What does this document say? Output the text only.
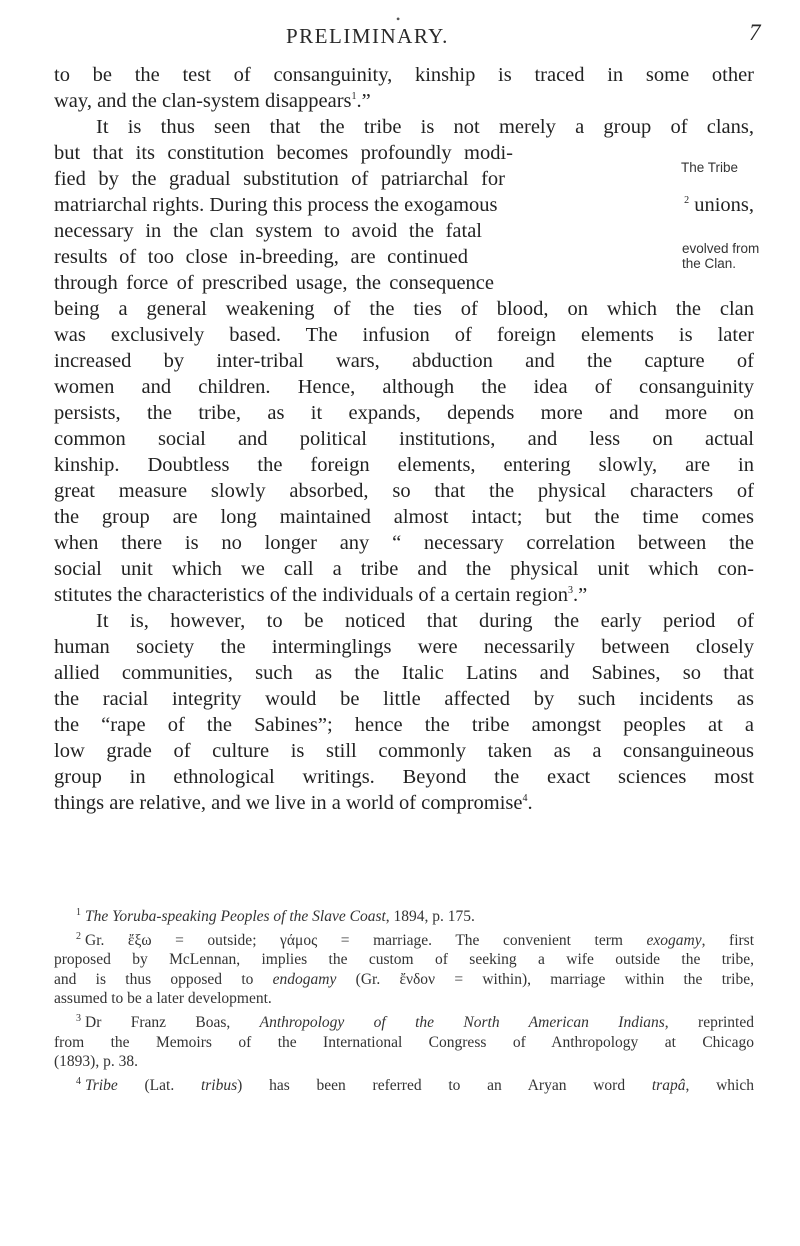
•
PRELIMINARY.	7
The Tribe
evolved from
the Clan.
to be the test of consanguinity, kinship is traced in some other
way, and the clan-system disappears$^1$.”
It is thus seen that the tribe is not merely a group of clans,
but that its constitution becomes profoundly modi-
fied by the gradual substitution of patriarchal for
matriarchal rights. During this process the exogamous	$^2$ unions,
necessary in the clan system to avoid the fatal
results of too close in-breeding, are continued
through force of prescribed usage, the consequence
being a general weakening of the ties of blood, on which the clan
was exclusively based. The infusion of foreign elements is later
increased by inter-tribal wars, abduction and the capture of
women and children. Hence, although the idea of consanguinity
persists, the tribe, as it expands, depends more and more on
common social and political institutions, and less on actual
kinship. Doubtless the foreign elements, entering slowly, are in
great measure slowly absorbed, so that the physical characters of
the group are long maintained almost intact; but the time comes
when there is no longer any “ necessary correlation between the
social unit which we call a tribe and the physical unit which con-
stitutes the characteristics of the individuals of a certain region$^3$.”
It is, however, to be noticed that during the early period of
human society the interminglings were necessarily between closely
allied communities, such as the Italic Latins and Sabines, so that
the racial integrity would be little affected by such incidents as
the “rape of the Sabines”; hence the tribe amongst peoples at a
low grade of culture is still commonly taken as a consanguineous
group in ethnological writings. Beyond the exact sciences most
things are relative, and we live in a world of compromise$^4$.
$^1$ The Yoruba-speaking Peoples of the Slave Coast, 1894, p. 175.
$^2$ Gr. ἔξω = outside; γάμος = marriage. The convenient term exogamy, first
proposed by McLennan, implies the custom of seeking a wife outside the tribe,
and is thus opposed to endogamy (Gr. ἔνδον = within), marriage within the tribe,
assumed to be a later development.
$^3$ Dr Franz Boas, Anthropology of the North American Indians, reprinted
from the Memoirs of the International Congress of Anthropology at Chicago
(1893), p. 38.
$^4$ Tribe (Lat. tribus) has been referred to an Aryan word trapâ, which
